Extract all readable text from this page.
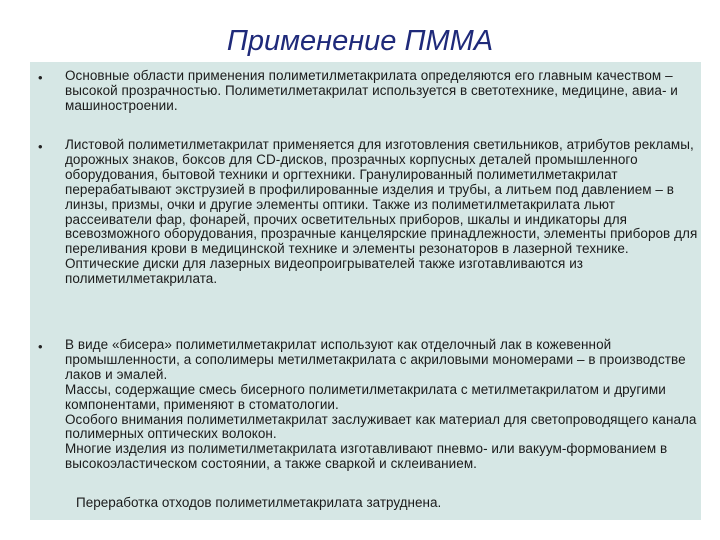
Применение ПММА
• Основные области применения полиметилметакрилата определяются его главным качеством – высокой прозрачностью. Полиметилметакрилат используется в светотехнике, медицине, авиа- и машиностроении.

• Листовой полиметилметакрилат применяется для изготовления светильников, атрибутов рекламы, дорожных знаков, боксов для CD-дисков, прозрачных корпусных деталей промышленного оборудования, бытовой техники и оргтехники. Гранулированный полиметилметакрилат перерабатывают экструзией в профилированные изделия и трубы, а литьем под давлением – в линзы, призмы, очки и другие элементы оптики. Также из полиметилметакрилата льют рассеиватели фар, фонарей, прочих осветительных приборов, шкалы и индикаторы для всевозможного оборудования, прозрачные канцелярские принадлежности, элементы приборов для переливания крови в медицинской технике и элементы резонаторов в лазерной технике.

Оптические диски для лазерных видеопроигрывателей также изготавливаются из полиметилметакрилата.

• В виде «бисера» полиметилметакрилат используют как отделочный лак в кожевенной промышленности, а сополимеры метилметакрилата с акриловыми мономерами – в производстве лаков и эмалей.

Массы, содержащие смесь бисерного полиметилметакрилата с метилметакрилатом и другими компонентами, применяют в стоматологии.

Особого внимания полиметилметакрилат заслуживает как материал для светопроводящего канала полимерных оптических волокон.

Многие изделия из полиметилметакрилата изготавливают пневмо- или вакуум-формованием в высокоэластическом состоянии, а также сваркой и склеиванием.

Переработка отходов полиметилметакрилата затруднена.
